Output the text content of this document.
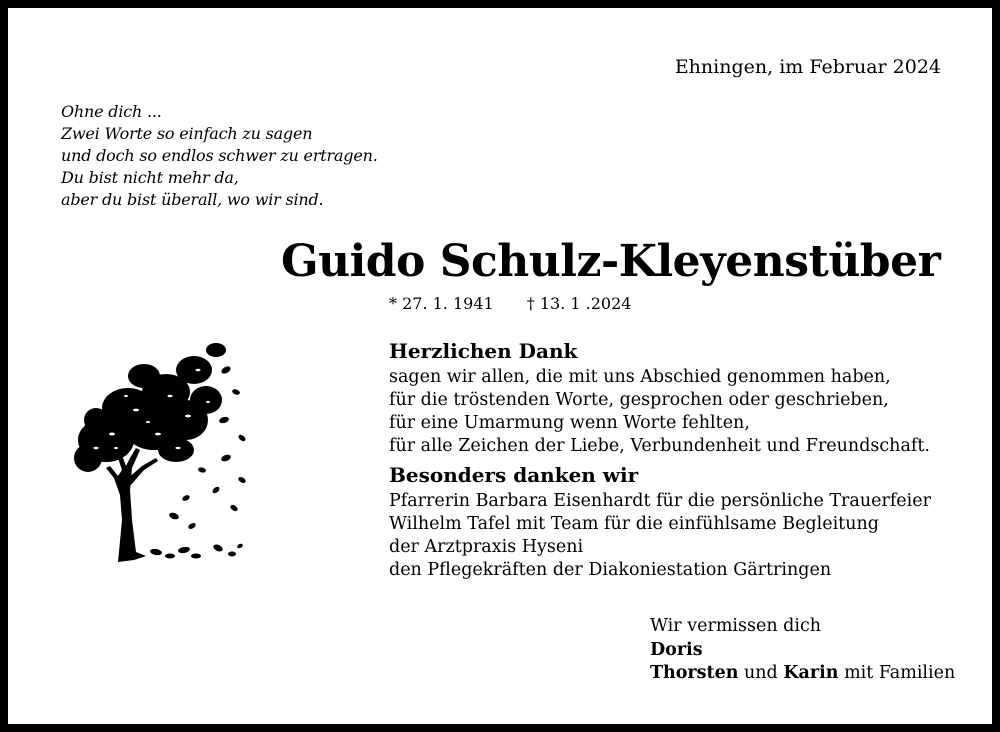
Ehningen, im Februar 2024
Ohne dich ...
Zwei Worte so einfach zu sagen
und doch so endlos schwer zu ertragen.
Du bist nicht mehr da,
aber du bist überall, wo wir sind.
Guido Schulz-Kleyenstüber
* 27. 1. 1941 † 13. 1 .2024
Herzlichen Dank
sagen wir allen, die mit uns Abschied genommen haben,
für die tröstenden Worte, gesprochen oder geschrieben,
für eine Umarmung wenn Worte fehlten,
für alle Zeichen der Liebe, Verbundenheit und Freundschaft.
Besonders danken wir
Pfarrerin Barbara Eisenhardt für die persönliche Trauerfeier
Wilhelm Tafel mit Team für die einfühlsame Begleitung
der Arztpraxis Hyseni
den Pflegekräften der Diakoniestation Gärtringen
Wir vermissen dich
Doris
Thorsten und Karin mit Familien
